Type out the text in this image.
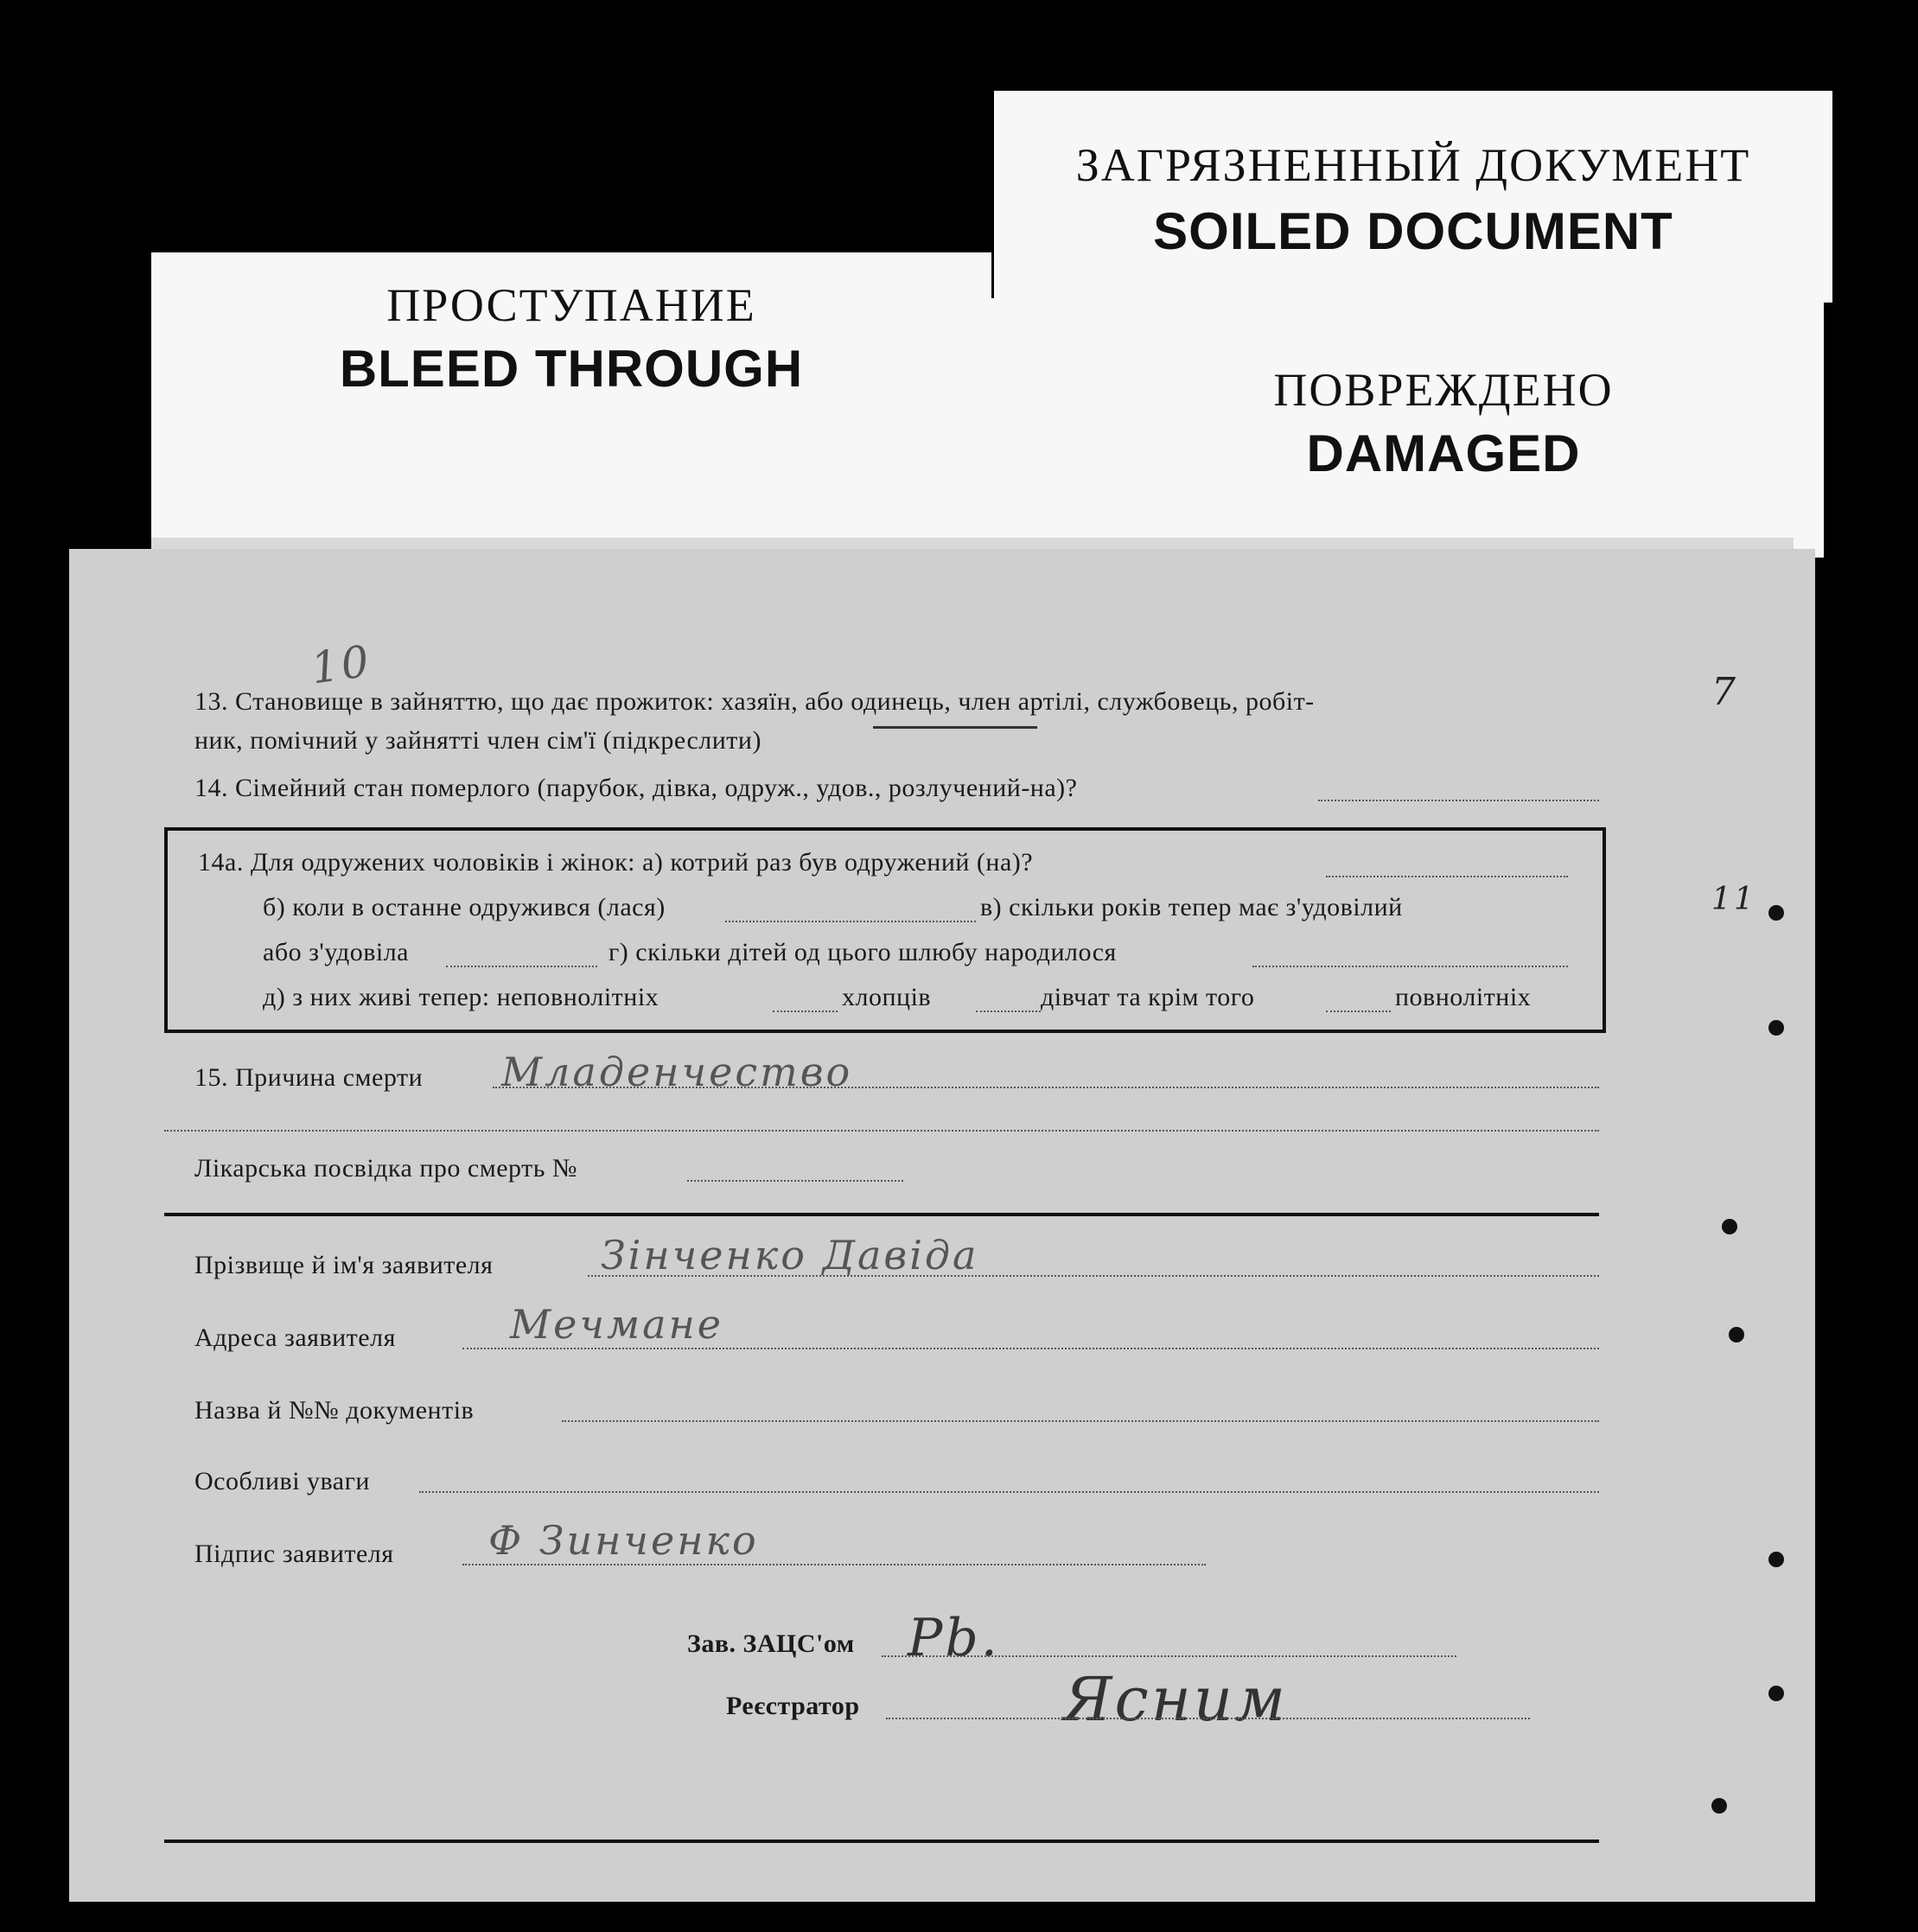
ЗАГРЯЗНЕННЫЙ ДОКУМЕНТ
SOILED DOCUMENT
ПОВРЕЖДЕНО
DAMAGED
ПРОСТУПАНИЕ
BLEED THROUGH
10
13. Становище в зайняттю, що дає прожиток: хазяїн, або одинець, член артілі, службовець, робіт-
ник, помічний у зайнятті член сім'ї (підкреслити)
14. Сімейний стан померлого (парубок, дівка, одруж., удов., розлучений-на)?
14а. Для одружених чоловіків і жінок: а) котрий раз був одружений (на)?
б) коли в останне одружився (лася)	в) скільки років тепер має з'удовілий
або з'удовіла	г) скільки дітей од цього шлюбу народилося
д) з них живі тепер: неповнолітніх	хлопців	дівчат та крім того	повнолітніх
15. Причина смерти Младенчество
Лікарська посвідка про смерть №
Прізвище й ім'я заявителя	Зінченко Давіда
Адреса заявителя	Мечмане
Назва й №№ документів
Особливі уваги
Підпис заявителя Ф Зинченко
Зав. ЗАЦС'ом Рb.
Реєстратор	Ясним
7
11
